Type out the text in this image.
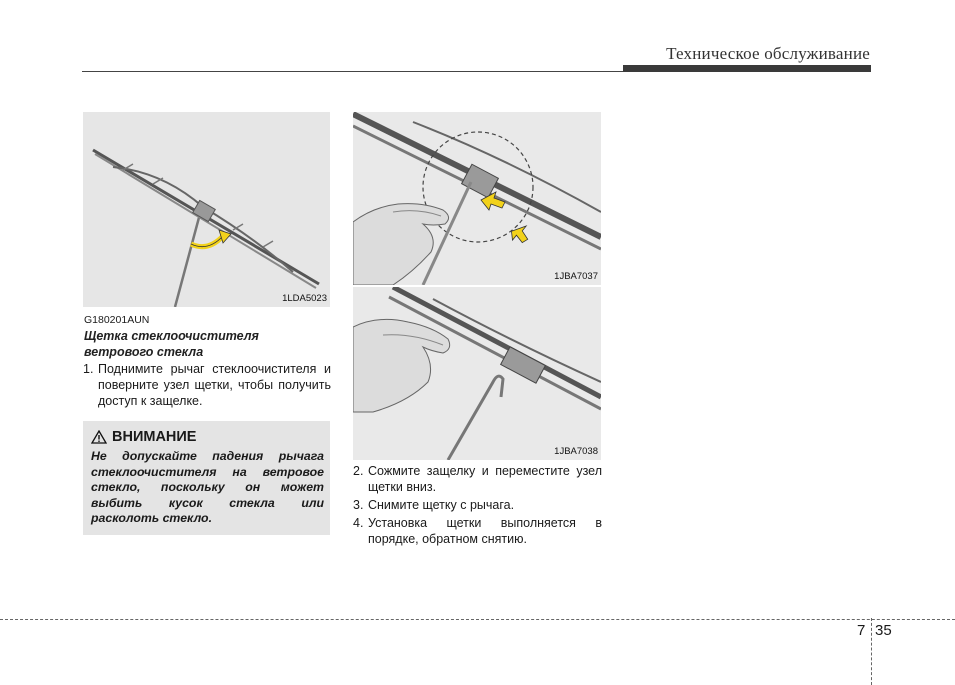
Техническое обслуживание
1LDA5023
1JBA7037
1JBA7038
G180201AUN
Щетка стеклоочистителя ветрового стекла
1. Поднимите рычаг стеклоочистителя и поверните узел щетки, чтобы получить доступ к защелке.
ВНИМАНИЕ
Не допускайте падения рычага стеклоочистителя на ветровое стекло, поскольку он может выбить кусок стекла или расколоть стекло.
2. Сожмите защелку и переместите узел щетки вниз.
3. Снимите щетку с рычага.
4. Установка щетки выполняется в порядке, обратном снятию.
7 35
